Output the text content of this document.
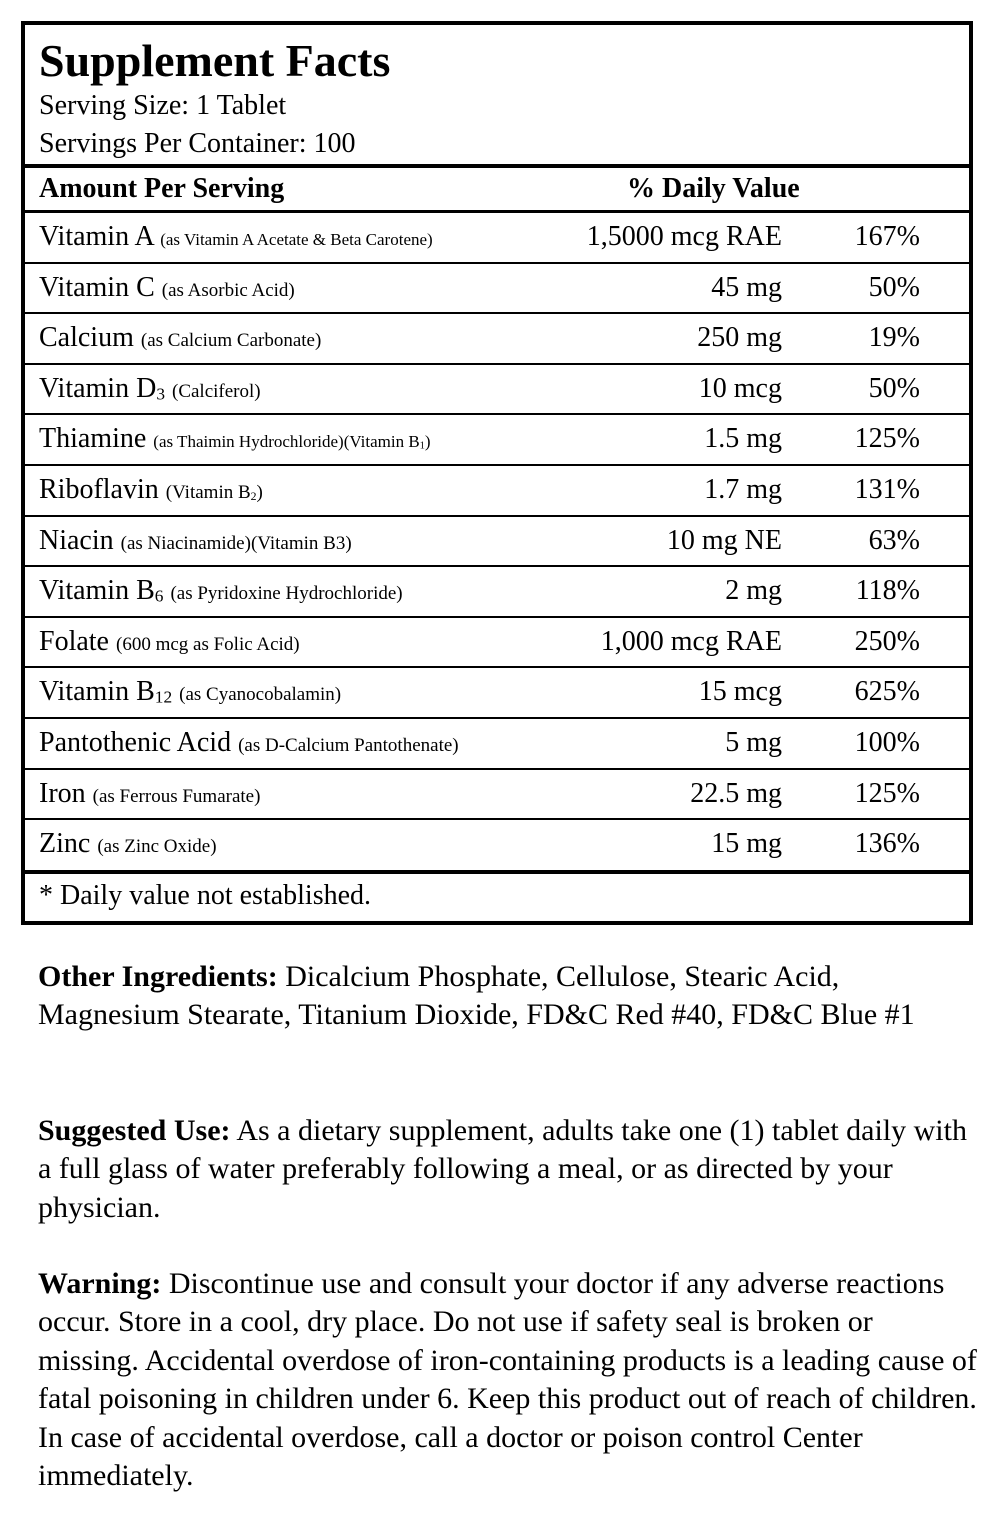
Supplement Facts
Serving Size: 1 Tablet
Servings Per Container: 100
Amount Per Serving	% Daily Value
Vitamin A (as Vitamin A Acetate & Beta Carotene)	1,5000 mcg RAE	167%
Vitamin C (as Asorbic Acid)	45 mg	50%
Calcium (as Calcium Carbonate)	250 mg	19%
Vitamin $D_3$ (Calciferol)	10 mcg	50%
Thiamine (as Thaimin Hydrochloride)(Vitamin $B_1$)	1.5 mg	125%
Riboflavin (Vitamin $B_2$)	1.7 mg	131%
Niacin (as Niacinamide)(Vitamin B3)	10 mg NE	63%
Vitamin $B_6$ (as Pyridoxine Hydrochloride)	2 mg	118%
Folate (600 mcg as Folic Acid)	1,000 mcg RAE	250%
Vitamin $B_{12}$ (as Cyanocobalamin)	15 mcg	625%
Pantothenic Acid (as D-Calcium Pantothenate)	5 mg	100%
Iron (as Ferrous Fumarate)	22.5 mg	125%
Zinc (as Zinc Oxide)	15 mg	136%
* Daily value not established.

Other Ingredients: Dicalcium Phosphate, Cellulose, Stearic Acid, Magnesium Stearate, Titanium Dioxide, FD&C Red #40, FD&C Blue #1

Suggested Use: As a dietary supplement, adults take one (1) tablet daily with a full glass of water preferably following a meal, or as directed by your physician.

Warning: Discontinue use and consult your doctor if any adverse reactions occur. Store in a cool, dry place. Do not use if safety seal is broken or missing. Accidental overdose of iron-containing products is a leading cause of fatal poisoning in children under 6. Keep this product out of reach of children. In case of accidental overdose, call a doctor or poison control Center immediately.
